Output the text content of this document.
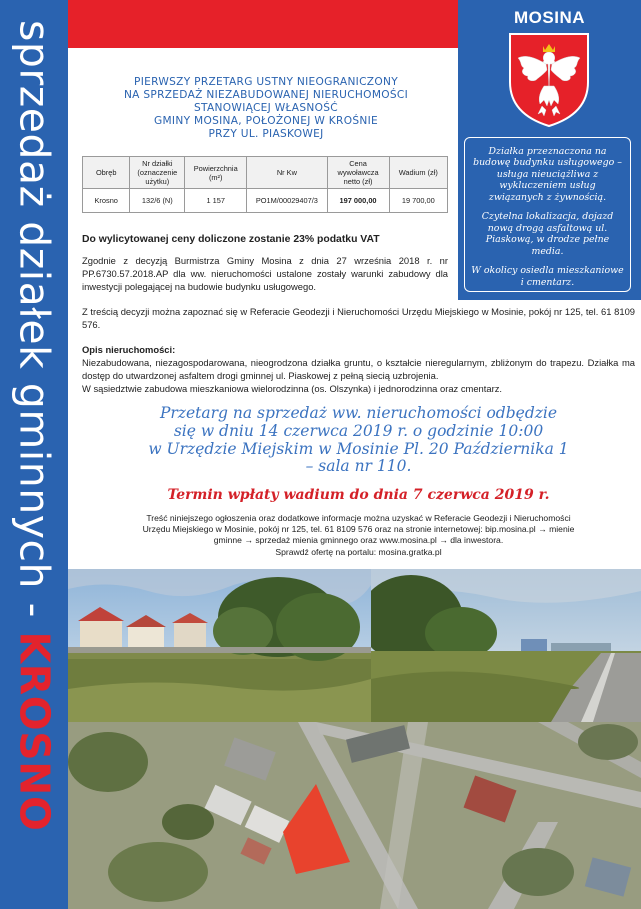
sprzedaż działek gminnych - KROSNO
MOSINA

Działka przeznaczona na budowę budynku usługowego – usługa nieuciążliwa z wykluczeniem usług związanych z żywnością.

Czytelna lokalizacja, dojazd nową drogą asfaltową ul. Piaskową, w drodze pełne media.

W okolicy osiedla mieszkaniowe i cmentarz.

PIERWSZY PRZETARG USTNY NIEOGRANICZONY
NA SPRZEDAŻ NIEZABUDOWANEJ NIERUCHOMOŚCI
STANOWIĄCEJ WŁASNOŚĆ
GMINY MOSINA, POŁOŻONEJ W KROŚNIE
PRZY UL. PIASKOWEJ
Obręb	Nr działki (oznaczenie użytku)	Powierzchnia (m²)	Nr Kw	Cena wywoławcza netto (zł)	Wadium (zł)
Krosno	132/6 (N)	1 157	PO1M/00029407/3	197 000,00	19 700,00
Do wylicytowanej ceny doliczone zostanie 23% podatku VAT
Zgodnie z decyzją Burmistrza Gminy Mosina z dnia 27 września 2018 r. nr PP.6730.57.2018.AP dla ww. nieruchomości ustalone zostały warunki zabudowy dla inwestycji polegającej na budowie budynku usługowego.
Z treścią decyzji można zapoznać się w Referacie Geodezji i Nieruchomości Urzędu Miejskiego w Mosinie, pokój nr 125, tel. 61 8109 576.
Opis nieruchomości:
Niezabudowana, niezagospodarowana, nieogrodzona działka gruntu, o kształcie nieregularnym, zbliżonym do trapezu. Działka ma dostęp do utwardzonej asfaltem drogi gminnej ul. Piaskowej z pełną siecią uzbrojenia.
W sąsiedztwie zabudowa mieszkaniowa wielorodzinna (os. Olszynka) i jednorodzinna oraz cmentarz.
Przetarg na sprzedaż ww. nieruchomości odbędzie
się w dniu 14 czerwca 2019 r. o godzinie 10:00
w Urzędzie Miejskim w Mosinie Pl. 20 Października 1
– sala nr 110.
Termin wpłaty wadium do dnia 7 czerwca 2019 r.
Treść niniejszego ogłoszenia oraz dodatkowe informacje można uzyskać w Referacie Geodezji i Nieruchomości
Urzędu Miejskiego w Mosinie, pokój nr 125, tel. 61 8109 576 oraz na stronie internetowej: bip.mosina.pl → mienie
gminne → sprzedaż mienia gminnego oraz www.mosina.pl → dla inwestora.
Sprawdź ofertę na portalu: mosina.gratka.pl
